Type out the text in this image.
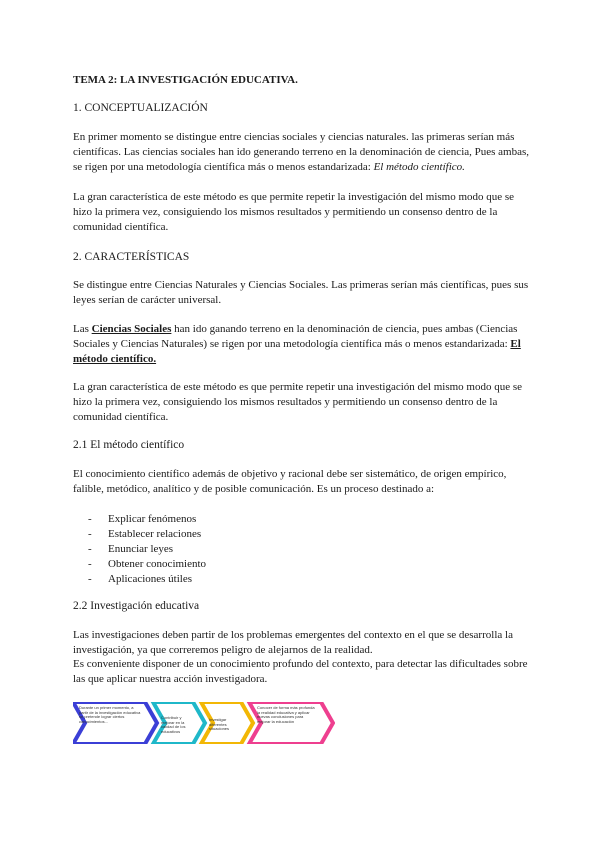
TEMA 2: LA INVESTIGACIÓN EDUCATIVA.

1. CONCEPTUALIZACIÓN

En primer momento se distingue entre ciencias sociales y ciencias naturales. las primeras serían más científicas. Las ciencias sociales han ido generando terreno en la denominación de ciencia, Pues ambas, se rigen por una metodología científica más o menos estandarizada: El método científico.

La gran característica de este método es que permite repetir la investigación del mismo modo que se hizo la primera vez, consiguiendo los mismos resultados y permitiendo un consenso dentro de la comunidad científica.

2. CARACTERÍSTICAS

Se distingue entre Ciencias Naturales y Ciencias Sociales. Las primeras serían más científicas, pues sus leyes serían de carácter universal.

Las Ciencias Sociales han ido ganando terreno en la denominación de ciencia, pues ambas (Ciencias Sociales y Ciencias Naturales) se rigen por una metodología científica más o menos estandarizada: El método científico.

La gran característica de este método es que permite repetir una investigación del mismo modo que se hizo la primera vez, consiguiendo los mismos resultados y permitiendo un consenso dentro de la comunidad científica.

2.1 El método científico

El conocimiento científico además de objetivo y racional debe ser sistemático, de origen empírico, falible, metódico, analítico y de posible comunicación. Es un proceso destinado a:

- Explicar fenómenos
- Establecer relaciones
- Enunciar leyes
- Obtener conocimiento
- Aplicaciones útiles

2.2 Investigación educativa

Las investigaciones deben partir de los problemas emergentes del contexto en el que se desarrolla la investigación, ya que correremos peligro de alejarnos de la realidad.

Es conveniente disponer de un conocimiento profundo del contexto, para detectar las dificultades sobre las que aplicar nuestra acción investigadora.

Durante un primer momento, a partir de la investigación educativa se pretende lograr ciertos conocimientos...
Contribuir y mejorar en la calidad de los educativos
Investigar diferentes situaciones
Conocer de forma más profunda la realidad educativa y aplicar nuevas conclusiones para mejorar la educación
